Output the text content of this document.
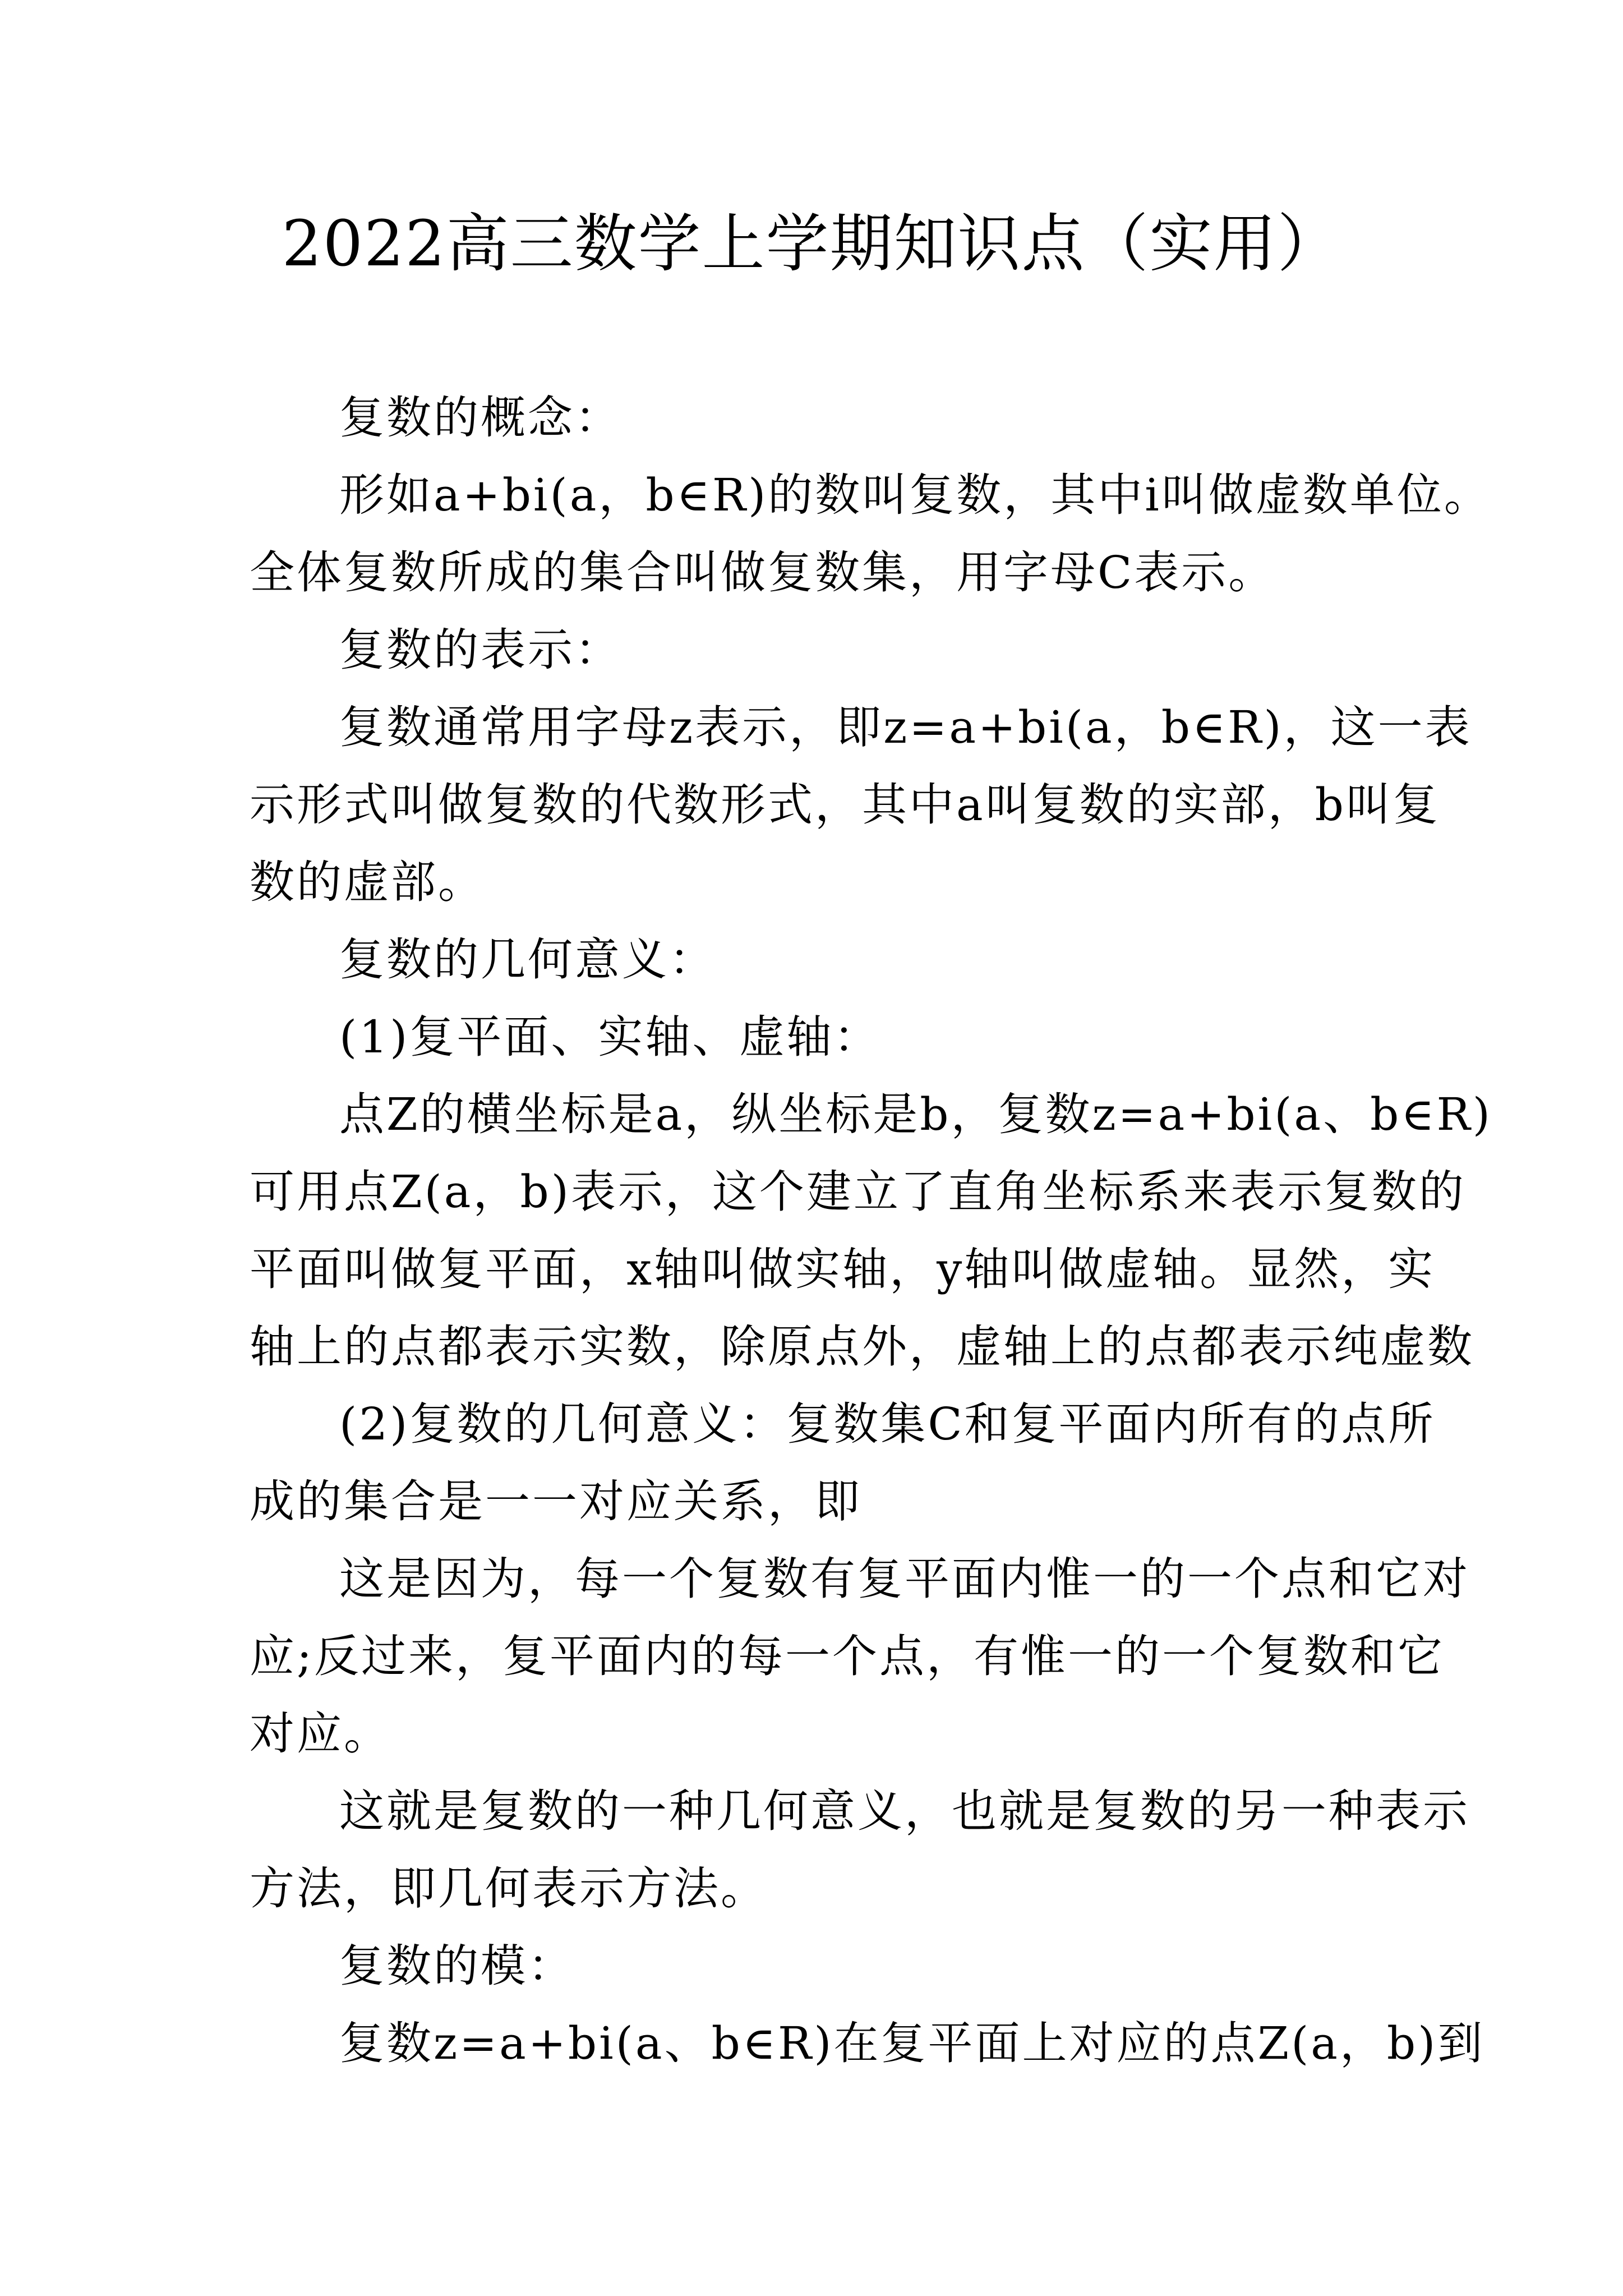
2022高三数学上学期知识点（实用）
复数的概念：
形如a+bi(a，b∈R)的数叫复数，其中i叫做虚数单位。
全体复数所成的集合叫做复数集，用字母C表示。
复数的表示：
复数通常用字母z表示，即z=a+bi(a，b∈R)，这一表
示形式叫做复数的代数形式，其中a叫复数的实部，b叫复
数的虚部。
复数的几何意义：
(1)复平面、实轴、虚轴：
点Z的横坐标是a，纵坐标是b，复数z=a+bi(a、b∈R)
可用点Z(a，b)表示，这个建立了直角坐标系来表示复数的
平面叫做复平面，x轴叫做实轴，y轴叫做虚轴。显然，实
轴上的点都表示实数，除原点外，虚轴上的点都表示纯虚数
(2)复数的几何意义：复数集C和复平面内所有的点所
成的集合是一一对应关系，即
这是因为，每一个复数有复平面内惟一的一个点和它对
应;反过来，复平面内的每一个点，有惟一的一个复数和它
对应。
这就是复数的一种几何意义，也就是复数的另一种表示
方法，即几何表示方法。
复数的模：
复数z=a+bi(a、b∈R)在复平面上对应的点Z(a，b)到
